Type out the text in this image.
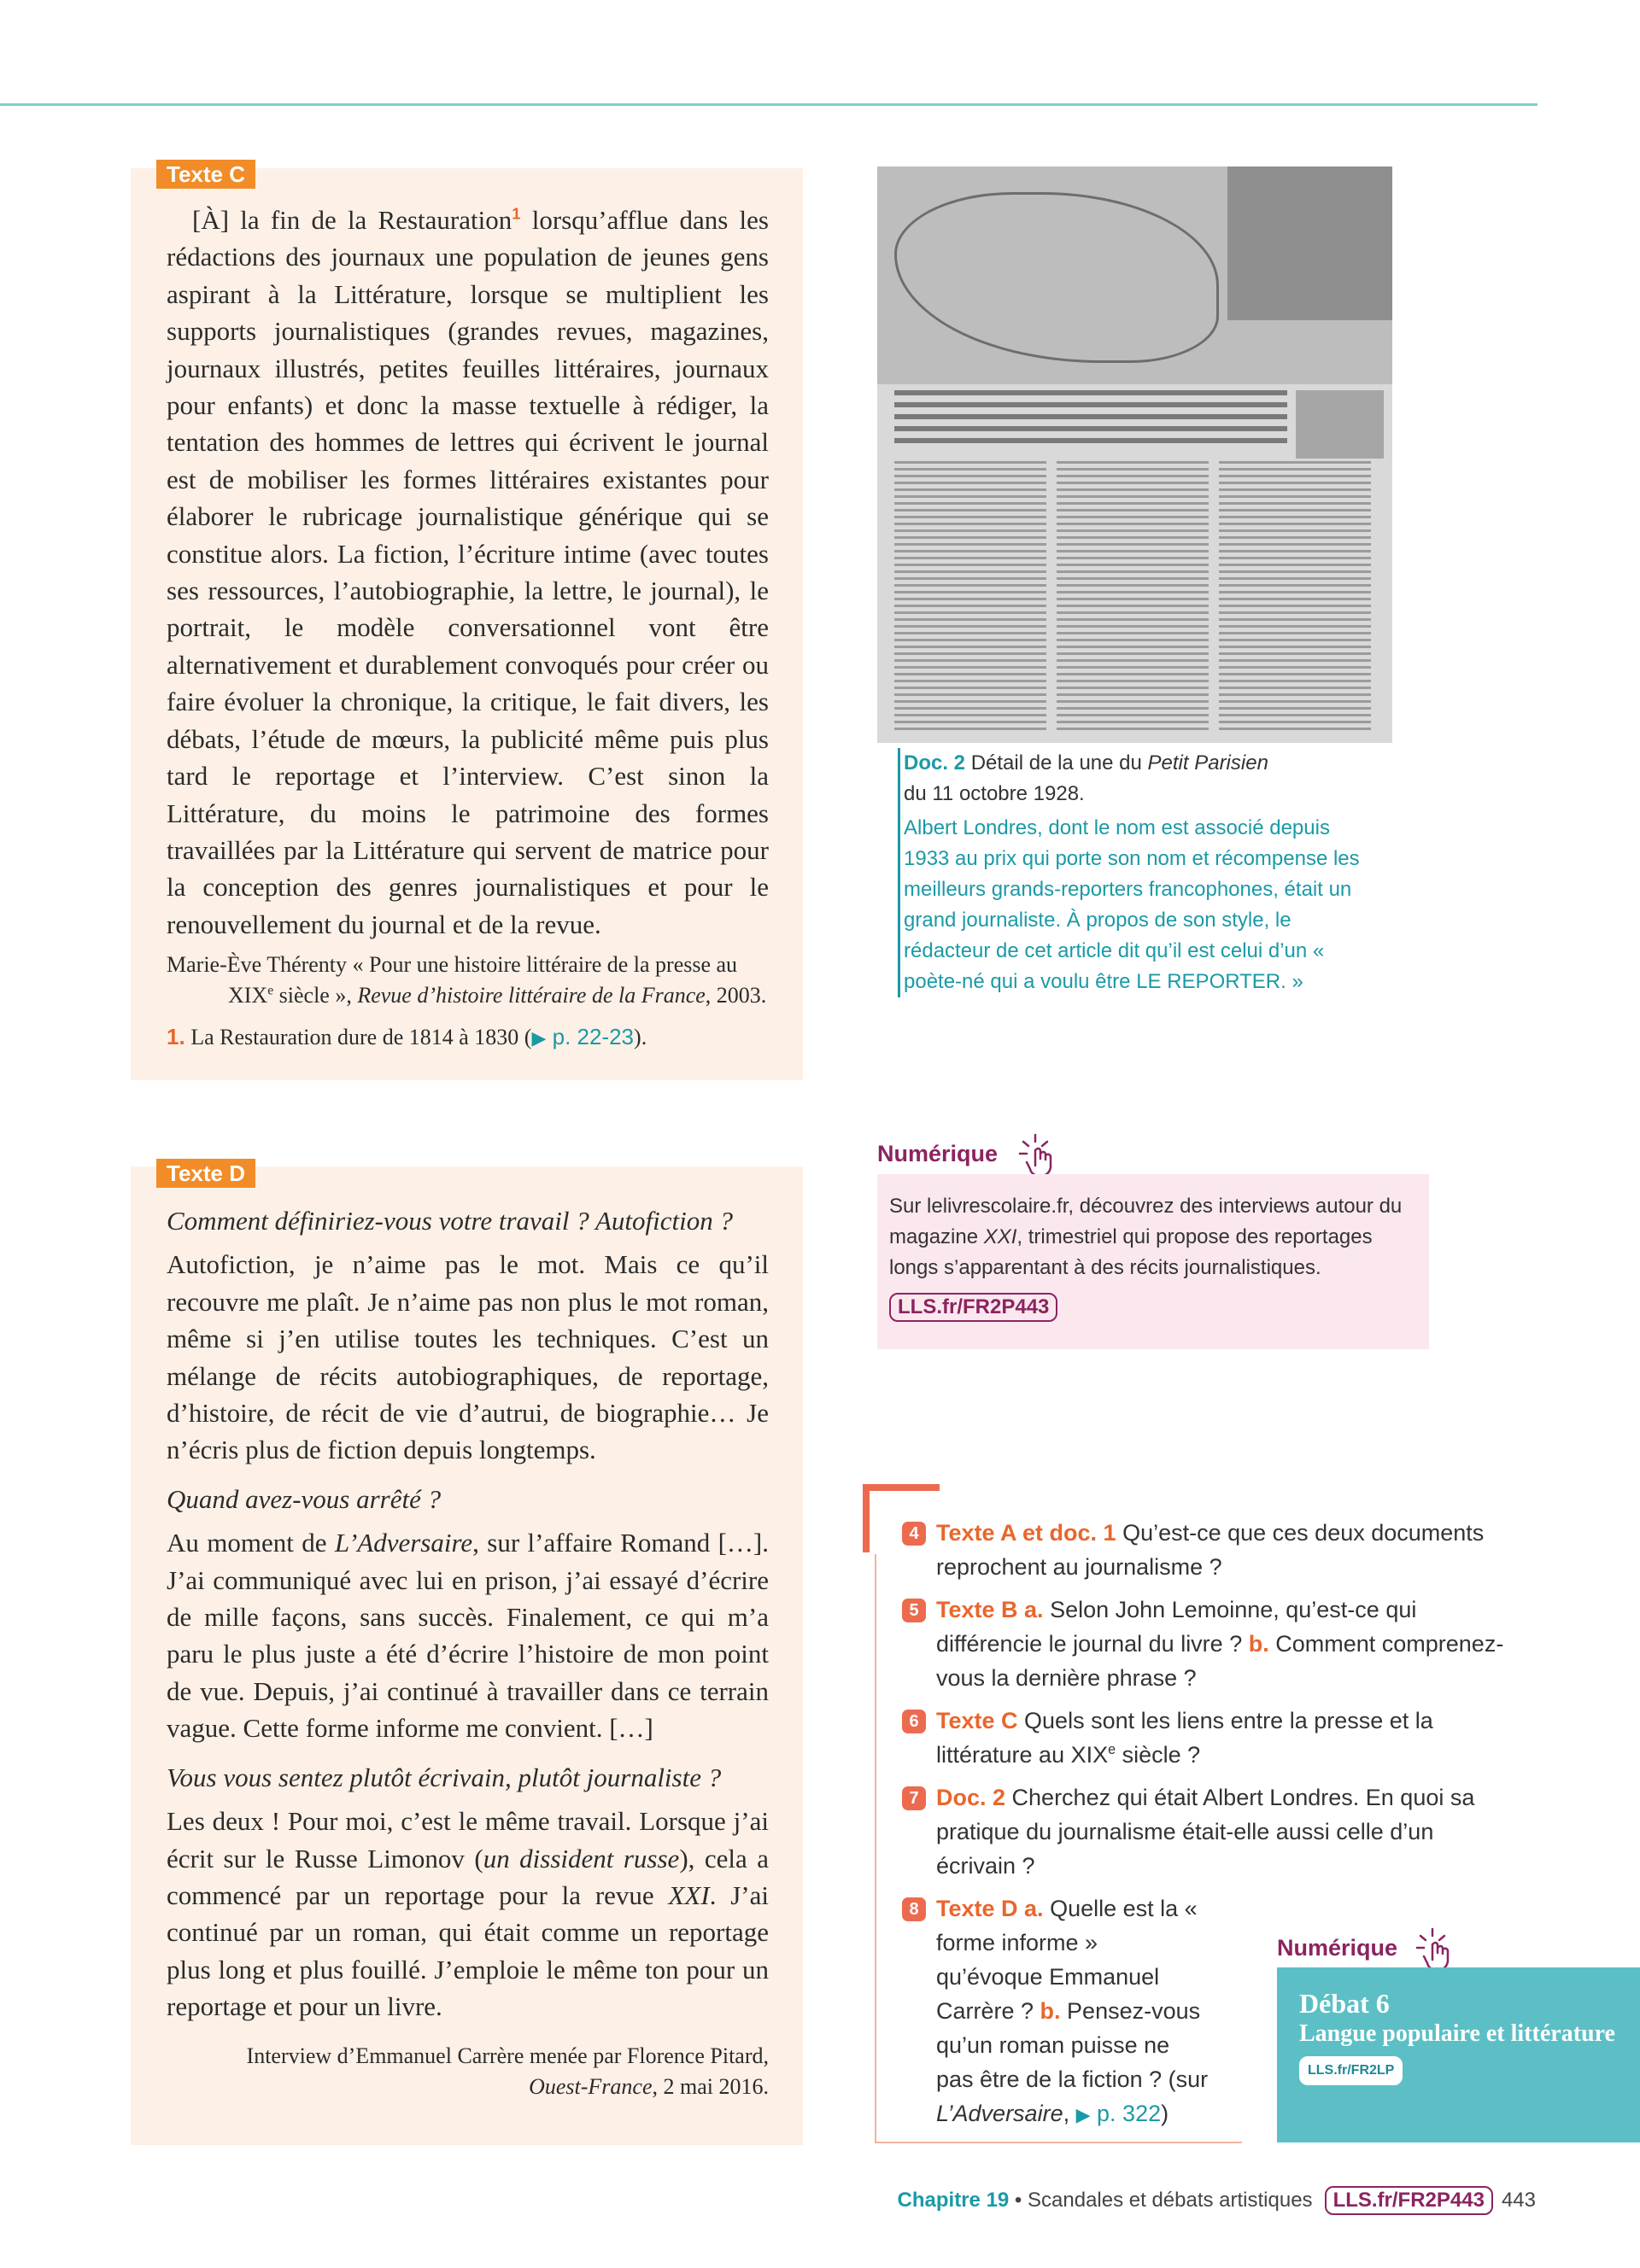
Texte C

[À] la fin de la Restauration$^1$ lorsqu’afflue dans les rédactions des journaux une population de jeunes gens aspirant à la Littérature, lorsque se multiplient les supports journalistiques (grandes revues, magazines, journaux illustrés, petites feuilles littéraires, journaux pour enfants) et donc la masse textuelle à rédiger, la tentation des hommes de lettres qui écrivent le journal est de mobiliser les formes littéraires existantes pour élaborer le rubricage journalistique générique qui se constitue alors. La fiction, l’écriture intime (avec toutes ses ressources, l’autobiographie, la lettre, le journal), le portrait, le modèle conversationnel vont être alternativement et durablement convoqués pour créer ou faire évoluer la chronique, la critique, le fait divers, les débats, l’étude de mœurs, la publicité même puis plus tard le reportage et l’interview. C’est sinon la Littérature, du moins le patrimoine des formes travaillées par la Littérature qui servent de matrice pour la conception des genres journalistiques et pour le renouvellement du journal et de la revue.

Marie-Ève Thérenty « Pour une histoire littéraire de la presse au XIXe siècle », Revue d’histoire littéraire de la France, 2003.

1. La Restauration dure de 1814 à 1830 (▶ p. 22-23).

Doc. 2 Détail de la une du Petit Parisien
du 11 octobre 1928.
Albert Londres, dont le nom est associé depuis 1933 au prix qui porte son nom et récompense les meilleurs grands-reporters francophones, était un grand journaliste. À propos de son style, le rédacteur de cet article dit qu’il est celui d’un « poète-né qui a voulu être LE REPORTER. »
Numérique
Sur lelivrescolaire.fr, découvrez des interviews autour du magazine XXI, trimestriel qui propose des reportages longs s’apparentant à des récits journalistiques.
LLS.fr/FR2P443
Texte D

Comment définiriez-vous votre travail ? Autofiction ?

Autofiction, je n’aime pas le mot. Mais ce qu’il recouvre me plaît. Je n’aime pas non plus le mot roman, même si j’en utilise toutes les techniques. C’est un mélange de récits autobiographiques, de reportage, d’histoire, de récit de vie d’autrui, de biographie… Je n’écris plus de fiction depuis longtemps.

Quand avez-vous arrêté ?

Au moment de L’Adversaire, sur l’affaire Romand […]. J’ai communiqué avec lui en prison, j’ai essayé d’écrire de mille façons, sans succès. Finalement, ce qui m’a paru le plus juste a été d’écrire l’histoire de mon point de vue. Depuis, j’ai continué à travailler dans ce terrain vague. Cette forme informe me convient. […]

Vous vous sentez plutôt écrivain, plutôt journaliste ?

Les deux ! Pour moi, c’est le même travail. Lorsque j’ai écrit sur le Russe Limonov (un dissident russe), cela a commencé par un reportage pour la revue XXI. J’ai continué par un roman, qui était comme un reportage plus long et plus fouillé. J’emploie le même ton pour un reportage et pour un livre.

Interview d’Emmanuel Carrère menée par Florence Pitard,
Ouest-France, 2 mai 2016.

4 Texte A et doc. 1 Qu’est-ce que ces deux documents reprochent au journalisme ?
5 Texte B a. Selon John Lemoinne, qu’est-ce qui différencie le journal du livre ? b. Comment comprenez-vous la dernière phrase ?
6 Texte C Quels sont les liens entre la presse et la littérature au XIXe siècle ?
7 Doc. 2 Cherchez qui était Albert Londres. En quoi sa pratique du journalisme était-elle aussi celle d’un écrivain ?
8 Texte D a. Quelle est la « forme informe » qu’évoque Emmanuel Carrère ? b. Pensez-vous qu’un roman puisse ne pas être de la fiction ? (sur L’Adversaire, ▶ p. 322)
Numérique
Débat 6
Langue populaire et littérature
LLS.fr/FR2LP
Chapitre 19 • Scandales et débats artistiques LLS.fr/FR2P443 443
